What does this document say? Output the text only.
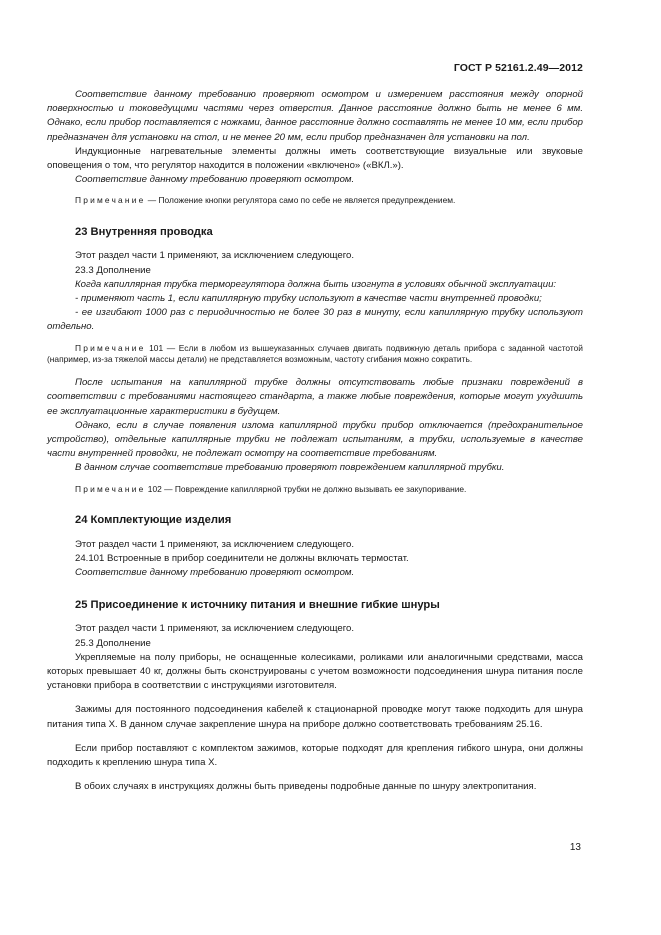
ГОСТ Р 52161.2.49—2012

Соответствие данному требованию проверяют осмотром и измерением расстояния между опорной поверхностью и токоведущими частями через отверстия. Данное расстояние должно быть не менее 6 мм. Однако, если прибор поставляется с ножками, данное расстояние должно составлять не менее 10 мм, если прибор предназначен для установки на стол, и не менее 20 мм, если прибор предназначен для установки на пол.

Индукционные нагревательные элементы должны иметь соответствующие визуальные или звуковые оповещения о том, что регулятор находится в положении «включено» («ВКЛ.»).

Соответствие данному требованию проверяют осмотром.

Примечание — Положение кнопки регулятора само по себе не является предупреждением.

23 Внутренняя проводка

Этот раздел части 1 применяют, за исключением следующего.

23.3 Дополнение

Когда капиллярная трубка терморегулятора должна быть изогнута в условиях обычной эксплуатации:

- применяют часть 1, если капиллярную трубку используют в качестве части внутренней проводки;

- ее изгибают 1000 раз с периодичностью не более 30 раз в минуту, если капиллярную трубку используют отдельно.

Примечание 101 — Если в любом из вышеуказанных случаев двигать подвижную деталь прибора с заданной частотой (например, из-за тяжелой массы детали) не представляется возможным, частоту сгибания можно сократить.

После испытания на капиллярной трубке должны отсутствовать любые признаки повреждений в соответствии с требованиями настоящего стандарта, а также любые повреждения, которые могут ухудшить ее эксплуатационные характеристики в будущем.

Однако, если в случае появления излома капиллярной трубки прибор отключается (предохранительное устройство), отдельные капиллярные трубки не подлежат испытаниям, а трубки, используемые в качестве части внутренней проводки, не подлежат осмотру на соответствие требованиям.

В данном случае соответствие требованию проверяют повреждением капиллярной трубки.

Примечание 102 — Повреждение капиллярной трубки не должно вызывать ее закупоривание.

24 Комплектующие изделия

Этот раздел части 1 применяют, за исключением следующего.

24.101 Встроенные в прибор соединители не должны включать термостат.

Соответствие данному требованию проверяют осмотром.

25 Присоединение к источнику питания и внешние гибкие шнуры

Этот раздел части 1 применяют, за исключением следующего.

25.3 Дополнение

Укрепляемые на полу приборы, не оснащенные колесиками, роликами или аналогичными средствами, масса которых превышает 40 кг, должны быть сконструированы с учетом возможности подсоединения шнура питания после установки прибора в соответствии с инструкциями изготовителя.

Зажимы для постоянного подсоединения кабелей к стационарной проводке могут также подходить для шнура питания типа X. В данном случае закрепление шнура на приборе должно соответствовать требованиям 25.16.

Если прибор поставляют с комплектом зажимов, которые подходят для крепления гибкого шнура, они должны подходить к креплению шнура типа X.

В обоих случаях в инструкциях должны быть приведены подробные данные по шнуру электропитания.

13
